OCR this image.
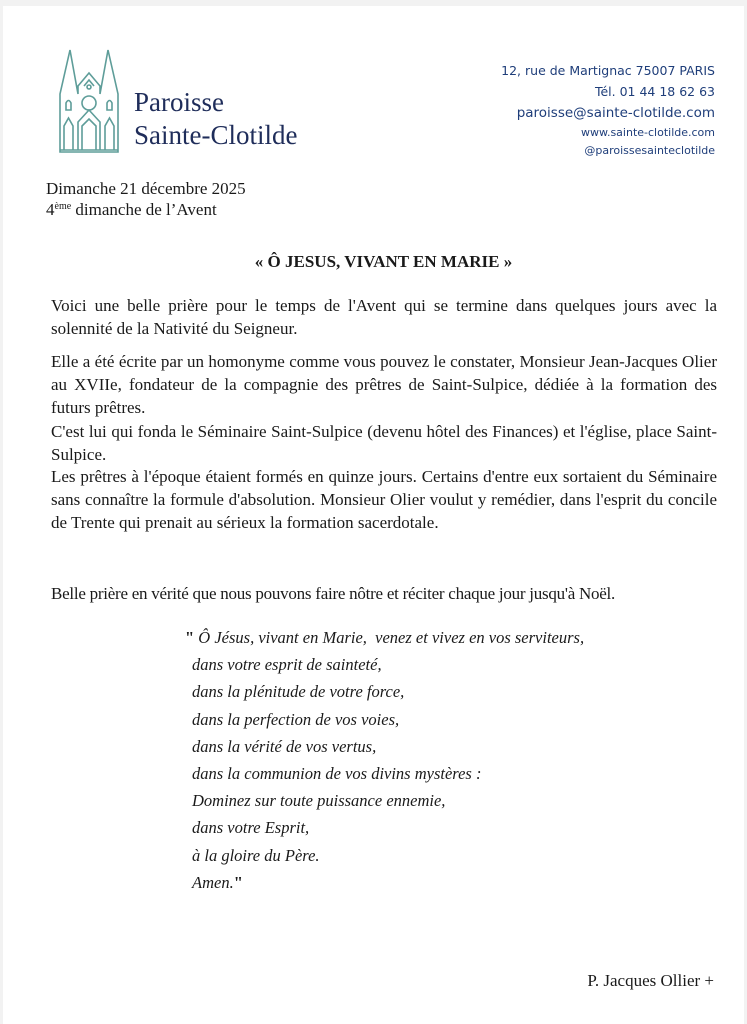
Paroisse
Sainte-Clotilde
12, rue de Martignac 75007 PARIS
Tél. 01 44 18 62 63
paroisse@sainte-clotilde.com
www.sainte-clotilde.com
@paroissesainteclotilde
Dimanche 21 décembre 2025
4ème dimanche de l’Avent
« Ô JESUS, VIVANT EN MARIE »
Voici une belle prière pour le temps de l'Avent qui se termine dans quelques jours avec la solennité de la Nativité du Seigneur.
Elle a été écrite par un homonyme comme vous pouvez le constater, Monsieur Jean-Jacques Olier au XVIIe, fondateur de la compagnie des prêtres de Saint-Sulpice, dédiée à la formation des futurs prêtres.
C'est lui qui fonda le Séminaire Saint-Sulpice (devenu hôtel des Finances) et l'église, place Saint-Sulpice.
Les prêtres à l'époque étaient formés en quinze jours. Certains d'entre eux sortaient du Séminaire sans connaître la formule d'absolution. Monsieur Olier voulut y remédier, dans l'esprit du concile de Trente qui prenait au sérieux la formation sacerdotale.
Belle prière en vérité que nous pouvons faire nôtre et réciter chaque jour jusqu'à Noël.
" Ô Jésus, vivant en Marie,  venez et vivez en vos serviteurs,
dans votre esprit de sainteté,
dans la plénitude de votre force,
dans la perfection de vos voies,
dans la vérité de vos vertus,
dans la communion de vos divins mystères :
Dominez sur toute puissance ennemie,
dans votre Esprit,
à la gloire du Père.
Amen."
P. Jacques Ollier +
